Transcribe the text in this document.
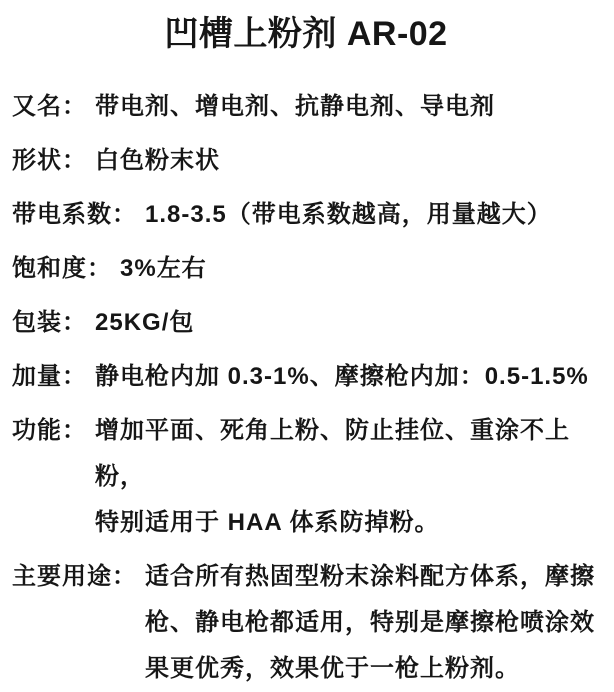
凹槽上粉剂 AR-02
又名： 带电剂、增电剂、抗静电剂、导电剂
形状： 白色粉末状
带电系数： 1.8-3.5（带电系数越高，用量越大）
饱和度： 3%左右
包装： 25KG/包
加量： 静电枪内加 0.3-1%、摩擦枪内加：0.5-1.5%
功能： 增加平面、死角上粉、防止挂位、重涂不上粉，
特别适用于 HAA 体系防掉粉。
主要用途： 适合所有热固型粉末涂料配方体系，摩擦
枪、静电枪都适用，特别是摩擦枪喷涂效
果更优秀，效果优于一枪上粉剂。
